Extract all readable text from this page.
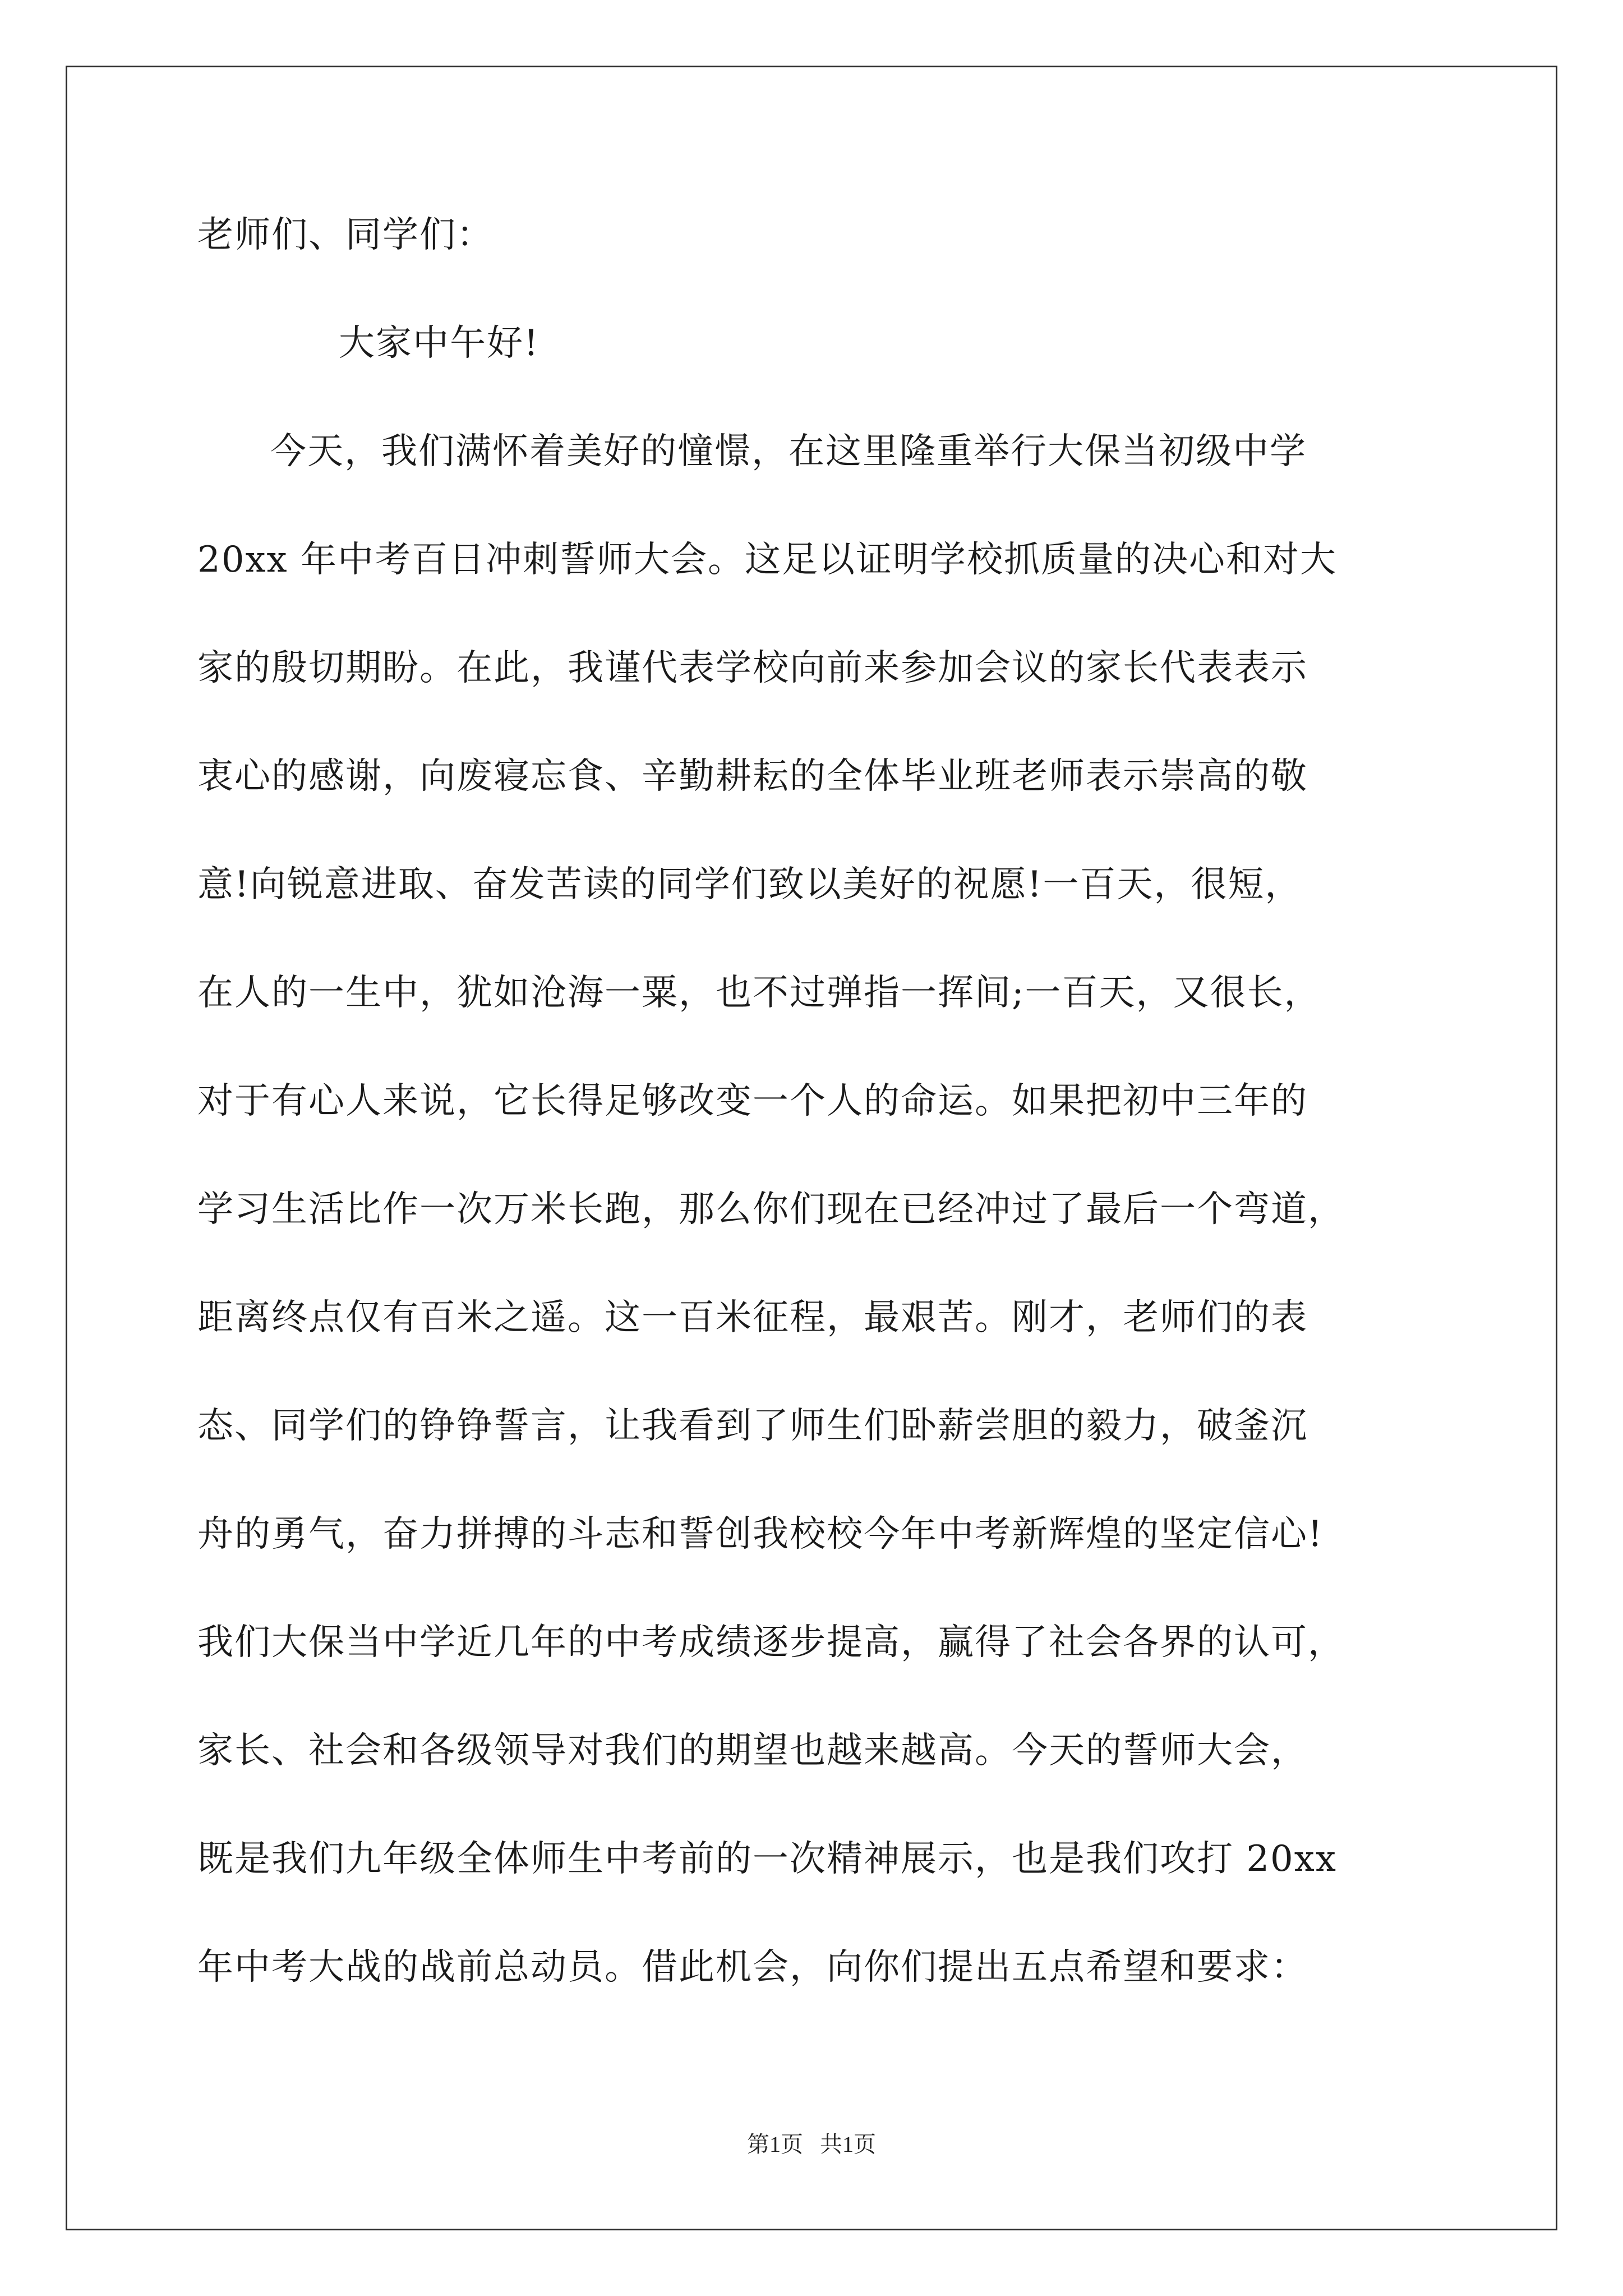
老师们、同学们：
大家中午好!
今天，我们满怀着美好的憧憬，在这里隆重举行大保当初级中学
20xx 年中考百日冲刺誓师大会。这足以证明学校抓质量的决心和对大
家的殷切期盼。在此，我谨代表学校向前来参加会议的家长代表表示
衷心的感谢，向废寝忘食、辛勤耕耘的全体毕业班老师表示崇高的敬
意!向锐意进取、奋发苦读的同学们致以美好的祝愿!一百天，很短，
在人的一生中，犹如沧海一粟，也不过弹指一挥间;一百天，又很长，
对于有心人来说，它长得足够改变一个人的命运。如果把初中三年的
学习生活比作一次万米长跑，那么你们现在已经冲过了最后一个弯道，
距离终点仅有百米之遥。这一百米征程，最艰苦。刚才，老师们的表
态、同学们的铮铮誓言，让我看到了师生们卧薪尝胆的毅力，破釜沉
舟的勇气，奋力拼搏的斗志和誓创我校校今年中考新辉煌的坚定信心!
我们大保当中学近几年的中考成绩逐步提高，赢得了社会各界的认可，
家长、社会和各级领导对我们的期望也越来越高。今天的誓师大会，
既是我们九年级全体师生中考前的一次精神展示，也是我们攻打 20xx
年中考大战的战前总动员。借此机会，向你们提出五点希望和要求：
第1页   共1页
